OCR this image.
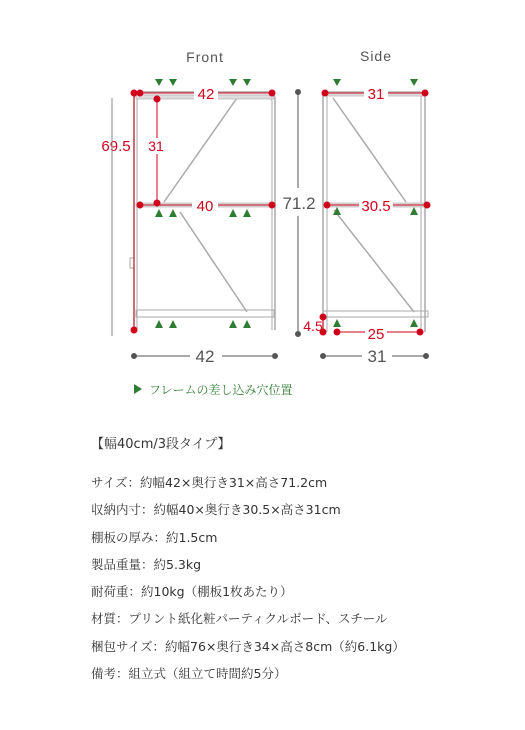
Front
42
40
31
69.5
42
Side
31
30.5
25
4.5
71.2
31
フレームの差し込み穴位置
【幅40cm/3段タイプ】
サイズ：約幅42×奥行き31×高さ71.2cm
収納内寸：約幅40×奥行き30.5×高さ31cm
棚板の厚み：約1.5cm
製品重量：約5.3kg
耐荷重：約10kg（棚板1枚あたり）
材質：プリント紙化粧パーティクルボード、スチール
梱包サイズ：約幅76×奥行き34×高さ8cm（約6.1kg）
備考：組立式（組立て時間約5分）
